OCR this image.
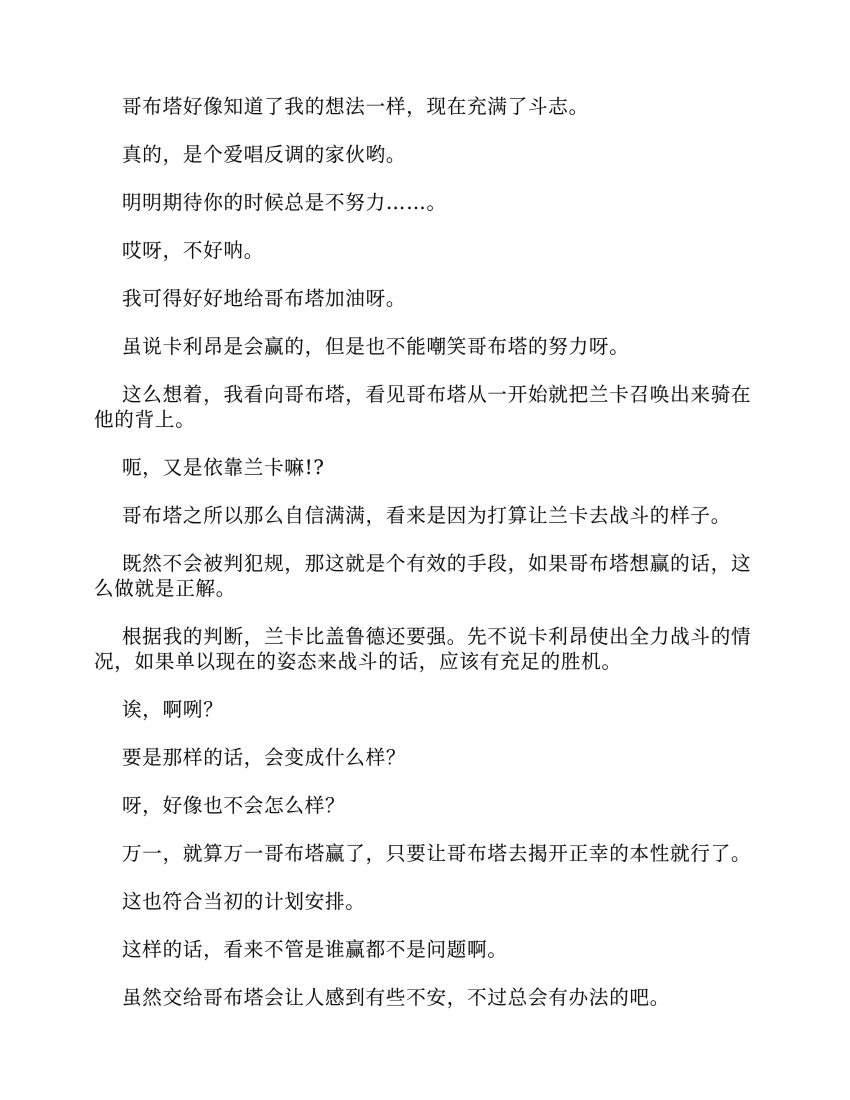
哥布塔好像知道了我的想法一样，现在充满了斗志。

真的，是个爱唱反调的家伙哟。

明明期待你的时候总是不努力……。

哎呀，不好呐。

我可得好好地给哥布塔加油呀。

虽说卡利昂是会赢的，但是也不能嘲笑哥布塔的努力呀。

这么想着，我看向哥布塔，看见哥布塔从一开始就把兰卡召唤出来骑在他的背上。

呃，又是依靠兰卡嘛!?

哥布塔之所以那么自信满满，看来是因为打算让兰卡去战斗的样子。

既然不会被判犯规，那这就是个有效的手段，如果哥布塔想赢的话，这么做就是正解。

根据我的判断，兰卡比盖鲁德还要强。先不说卡利昂使出全力战斗的情况，如果单以现在的姿态来战斗的话，应该有充足的胜机。

诶，啊咧？

要是那样的话，会变成什么样？

呀，好像也不会怎么样？

万一，就算万一哥布塔赢了，只要让哥布塔去揭开正幸的本性就行了。

这也符合当初的计划安排。

这样的话，看来不管是谁赢都不是问题啊。

虽然交给哥布塔会让人感到有些不安，不过总会有办法的吧。
